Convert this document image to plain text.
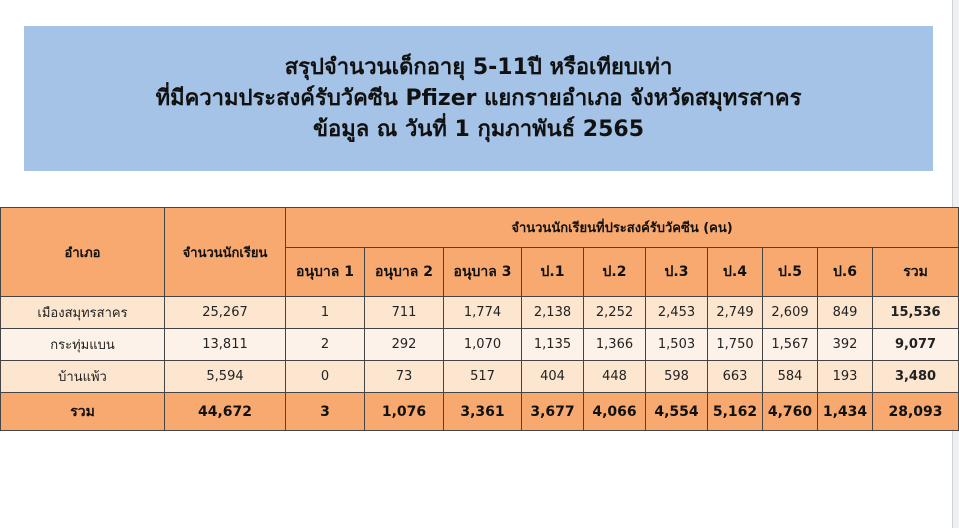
สรุปจำนวนเด็กอายุ 5-11ปี หรือเทียบเท่า
ที่มีความประสงค์รับวัคซีน Pfizer แยกรายอำเภอ จังหวัดสมุทรสาคร
ข้อมูล ณ วันที่ 1 กุมภาพันธ์ 2565
อำเภอ	จำนวนนักเรียน	จำนวนนักเรียนที่ประสงค์รับวัคซีน (คน)									
		อนุบาล 1	อนุบาล 2	อนุบาล 3	ป.1	ป.2	ป.3	ป.4	ป.5	ป.6	รวม
เมืองสมุทรสาคร	25,267	1	711	1,774	2,138	2,252	2,453	2,749	2,609	849	15,536
กระทุ่มแบน	13,811	2	292	1,070	1,135	1,366	1,503	1,750	1,567	392	9,077
บ้านแพ้ว	5,594	0	73	517	404	448	598	663	584	193	3,480
รวม	44,672	3	1,076	3,361	3,677	4,066	4,554	5,162	4,760	1,434	28,093
